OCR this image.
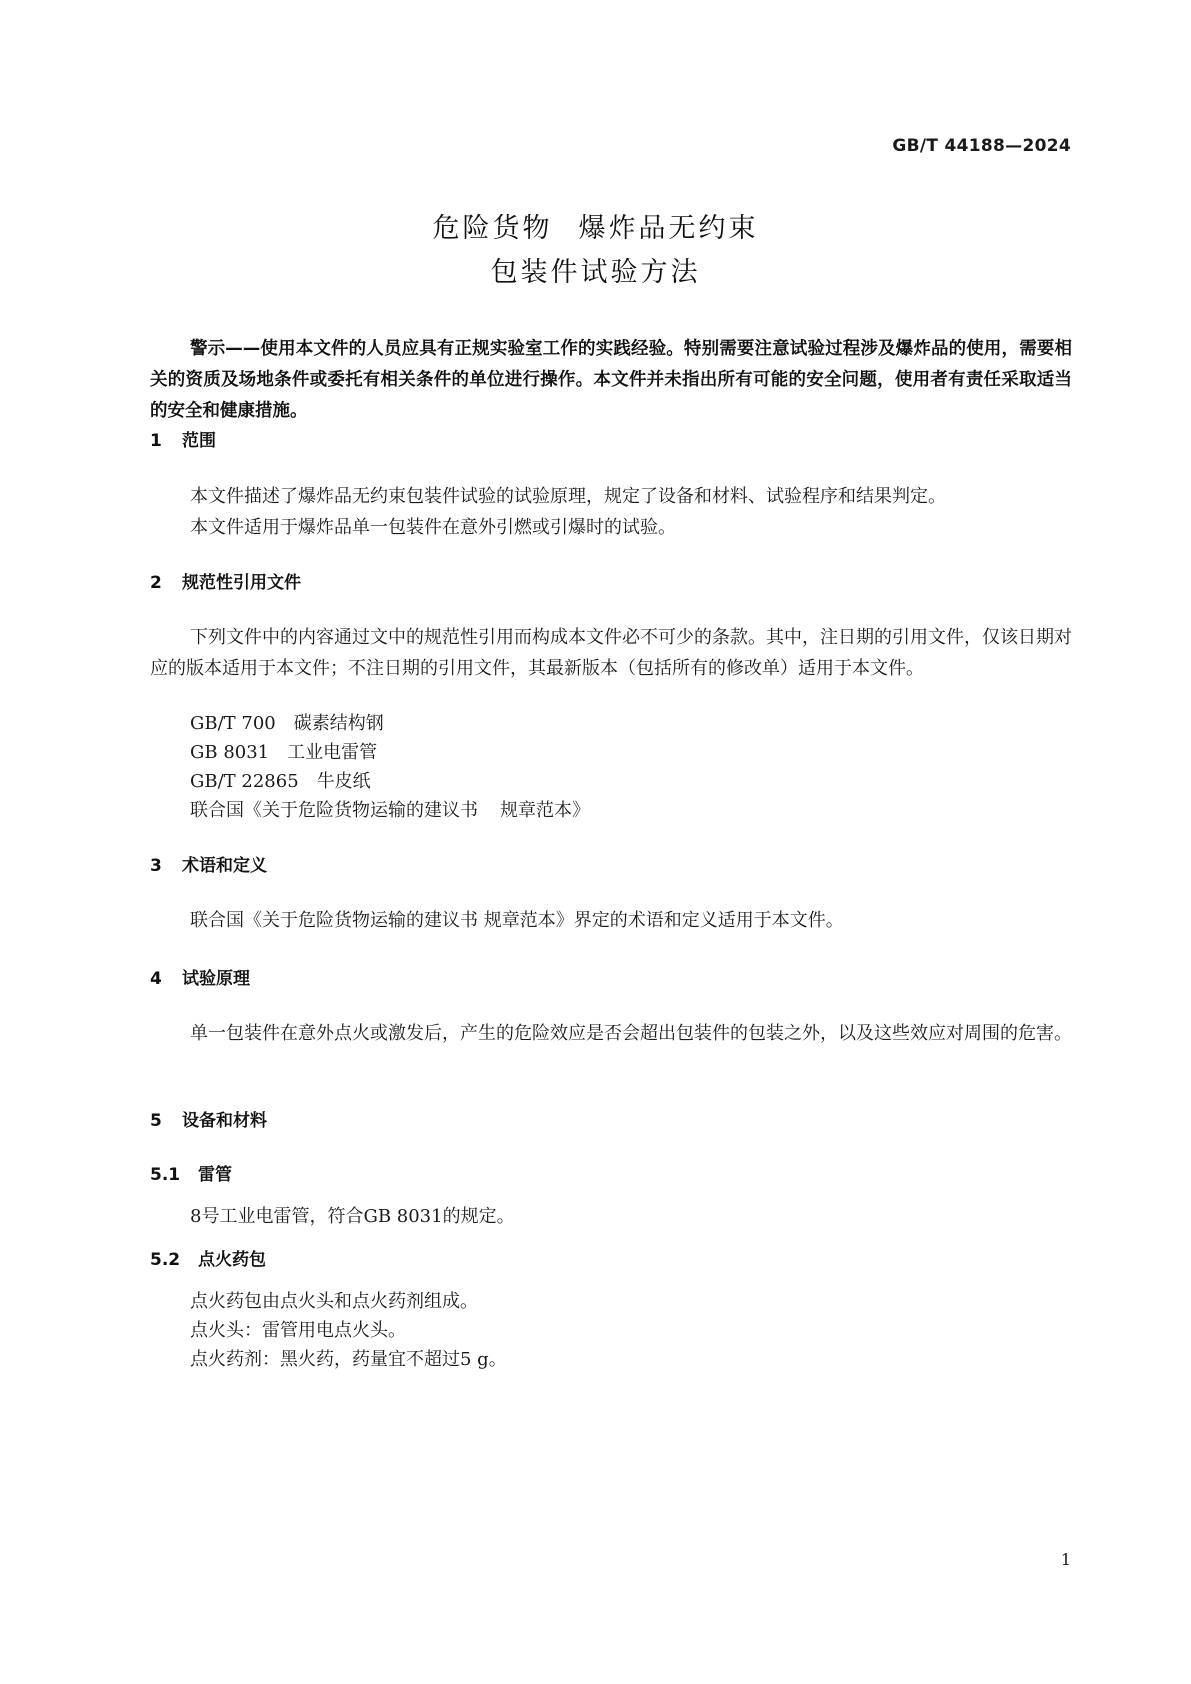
GB/T 44188—2024
危险货物 爆炸品无约束
包装件试验方法
警示——使用本文件的人员应具有正规实验室工作的实践经验。特别需要注意试验过程涉及爆炸品的使用，需要相关的资质及场地条件或委托有相关条件的单位进行操作。本文件并未指出所有可能的安全问题，使用者有责任采取适当的安全和健康措施。
1 范围
本文件描述了爆炸品无约束包装件试验的试验原理，规定了设备和材料、试验程序和结果判定。
本文件适用于爆炸品单一包装件在意外引燃或引爆时的试验。
2 规范性引用文件
下列文件中的内容通过文中的规范性引用而构成本文件必不可少的条款。其中，注日期的引用文件，仅该日期对应的版本适用于本文件；不注日期的引用文件，其最新版本（包括所有的修改单）适用于本文件。
GB/T 700 碳素结构钢
GB 8031 工业电雷管
GB/T 22865 牛皮纸
联合国《关于危险货物运输的建议书 规章范本》
3 术语和定义
联合国《关于危险货物运输的建议书 规章范本》界定的术语和定义适用于本文件。
4 试验原理
单一包装件在意外点火或激发后，产生的危险效应是否会超出包装件的包装之外，以及这些效应对周围的危害。
5 设备和材料
5.1 雷管
8号工业电雷管，符合GB 8031的规定。
5.2 点火药包
点火药包由点火头和点火药剂组成。
点火头：雷管用电点火头。
点火药剂：黑火药，药量宜不超过5 g。
1
